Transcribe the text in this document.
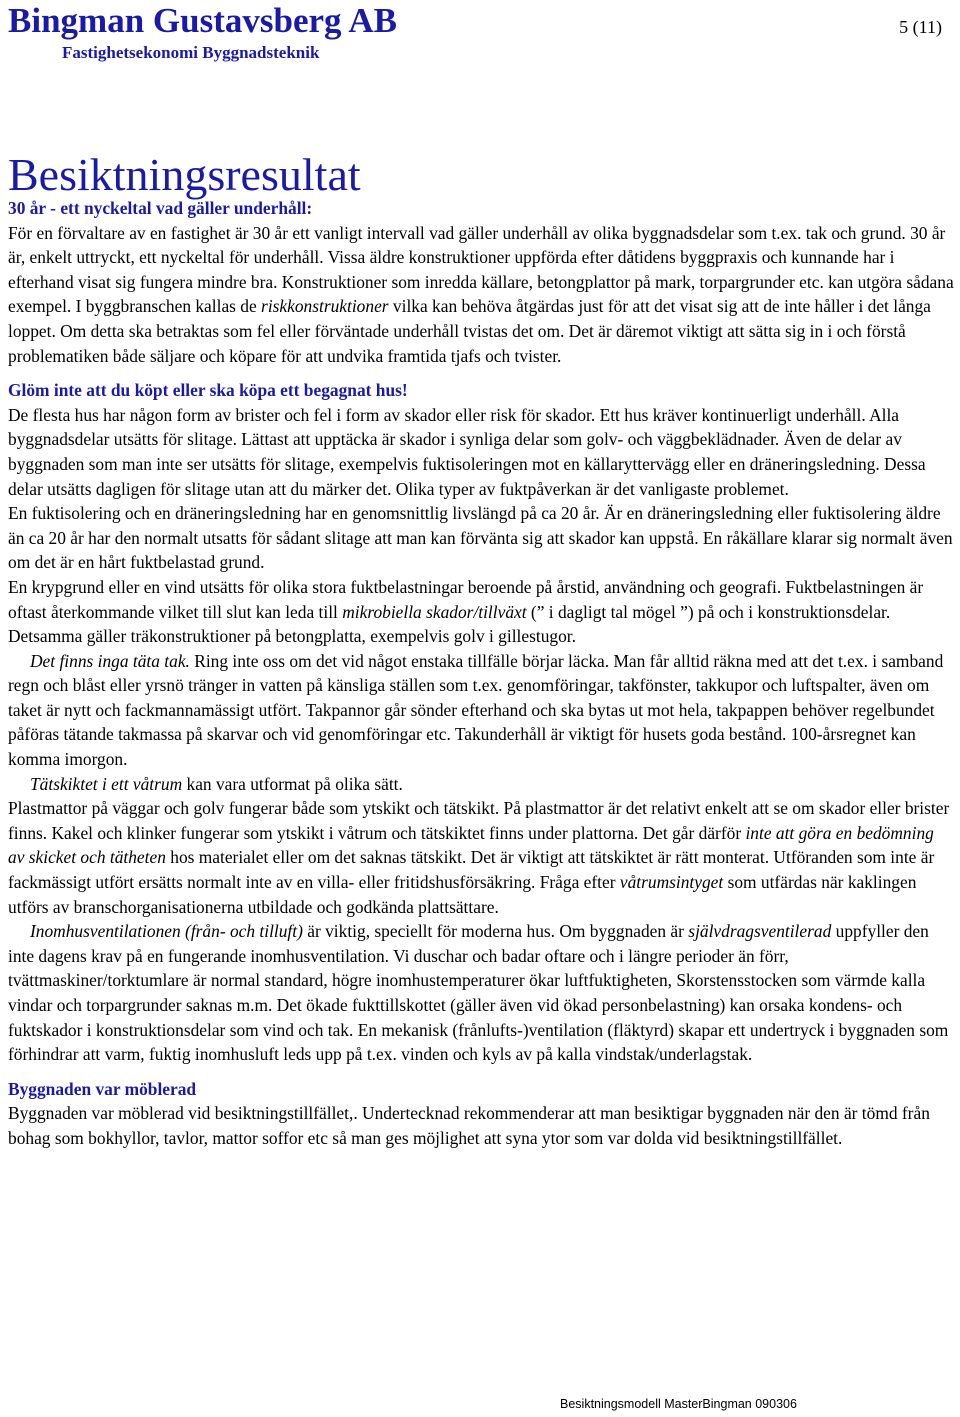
Bingman Gustavsberg AB
Fastighetsekonomi Byggnadsteknik
5 (11)
Besiktningsresultat
30 år - ett nyckeltal vad gäller underhåll:

För en förvaltare av en fastighet är 30 år ett vanligt intervall vad gäller underhåll av olika byggnadsdelar som t.ex. tak och grund. 30 år är, enkelt uttryckt, ett nyckeltal för underhåll. Vissa äldre konstruktioner uppförda efter dåtidens byggpraxis och kunnande har i efterhand visat sig fungera mindre bra. Konstruktioner som inredda källare, betongplattor på mark, torpargrunder etc. kan utgöra sådana exempel. I byggbranschen kallas de riskkonstruktioner vilka kan behöva åtgärdas just för att det visat sig att de inte håller i det långa loppet. Om detta ska betraktas som fel eller förväntade underhåll tvistas det om. Det är däremot viktigt att sätta sig in i och förstå problematiken både säljare och köpare för att undvika framtida tjafs och tvister.

Glöm inte att du köpt eller ska köpa ett begagnat hus!

De flesta hus har någon form av brister och fel i form av skador eller risk för skador. Ett hus kräver kontinuerligt underhåll. Alla byggnadsdelar utsätts för slitage. Lättast att upptäcka är skador i synliga delar som golv- och väggbeklädnader. Även de delar av byggnaden som man inte ser utsätts för slitage, exempelvis fuktisoleringen mot en källaryttervägg eller en dräneringsledning. Dessa delar utsätts dagligen för slitage utan att du märker det. Olika typer av fuktpåverkan är det vanligaste problemet.

En fuktisolering och en dräneringsledning har en genomsnittlig livslängd på ca 20 år. Är en dräneringsledning eller fuktisolering äldre än ca 20 år har den normalt utsatts för sådant slitage att man kan förvänta sig att skador kan uppstå. En råkällare klarar sig normalt även om det är en hårt fuktbelastad grund.

En krypgrund eller en vind utsätts för olika stora fuktbelastningar beroende på årstid, användning och geografi. Fuktbelastningen är oftast återkommande vilket till slut kan leda till mikrobiella skador/tillväxt (” i dagligt tal mögel ”) på och i konstruktionsdelar. Detsamma gäller träkonstruktioner på betongplatta, exempelvis golv i gillestugor.

Det finns inga täta tak. Ring inte oss om det vid något enstaka tillfälle börjar läcka. Man får alltid räkna med att det t.ex. i samband regn och blåst eller yrsnö tränger in vatten på känsliga ställen som t.ex. genomföringar, takfönster, takkupor och luftspalter, även om taket är nytt och fackmannamässigt utfört. Takpannor går sönder efterhand och ska bytas ut mot hela, takpappen behöver regelbundet påföras tätande takmassa på skarvar och vid genomföringar etc. Takunderhåll är viktigt för husets goda bestånd. 100-årsregnet kan komma imorgon.

Tätskiktet i ett våtrum kan vara utformat på olika sätt.

Plastmattor på väggar och golv fungerar både som ytskikt och tätskikt. På plastmattor är det relativt enkelt att se om skador eller brister finns. Kakel och klinker fungerar som ytskikt i våtrum och tätskiktet finns under plattorna. Det går därför inte att göra en bedömning av skicket och tätheten hos materialet eller om det saknas tätskikt. Det är viktigt att tätskiktet är rätt monterat. Utföranden som inte är fackmässigt utfört ersätts normalt inte av en villa- eller fritidshusförsäkring. Fråga efter våtrumsintyget som utfärdas när kaklingen utförs av branschorganisationerna utbildade och godkända plattsättare.

Inomhusventilationen (från- och tilluft) är viktig, speciellt för moderna hus. Om byggnaden är självdragsventilerad uppfyller den inte dagens krav på en fungerande inomhusventilation. Vi duschar och badar oftare och i längre perioder än förr, tvättmaskiner/torktumlare är normal standard, högre inomhustemperaturer ökar luftfuktigheten, Skorstensstocken som värmde kalla vindar och torpargrunder saknas m.m. Det ökade fukttillskottet (gäller även vid ökad personbelastning) kan orsaka kondens- och fuktskador i konstruktionsdelar som vind och tak. En mekanisk (frånlufts-)ventilation (fläktyrd) skapar ett undertryck i byggnaden som förhindrar att varm, fuktig inomhusluft leds upp på t.ex. vinden och kyls av på kalla vindstak/underlagstak.

Byggnaden var möblerad

Byggnaden var möblerad vid besiktningstillfället,. Undertecknad rekommenderar att man besiktigar byggnaden när den är tömd från bohag som bokhyllor, tavlor, mattor soffor etc så man ges möjlighet att syna ytor som var dolda vid besiktningstillfället.

Besiktningsmodell MasterBingman 090306
